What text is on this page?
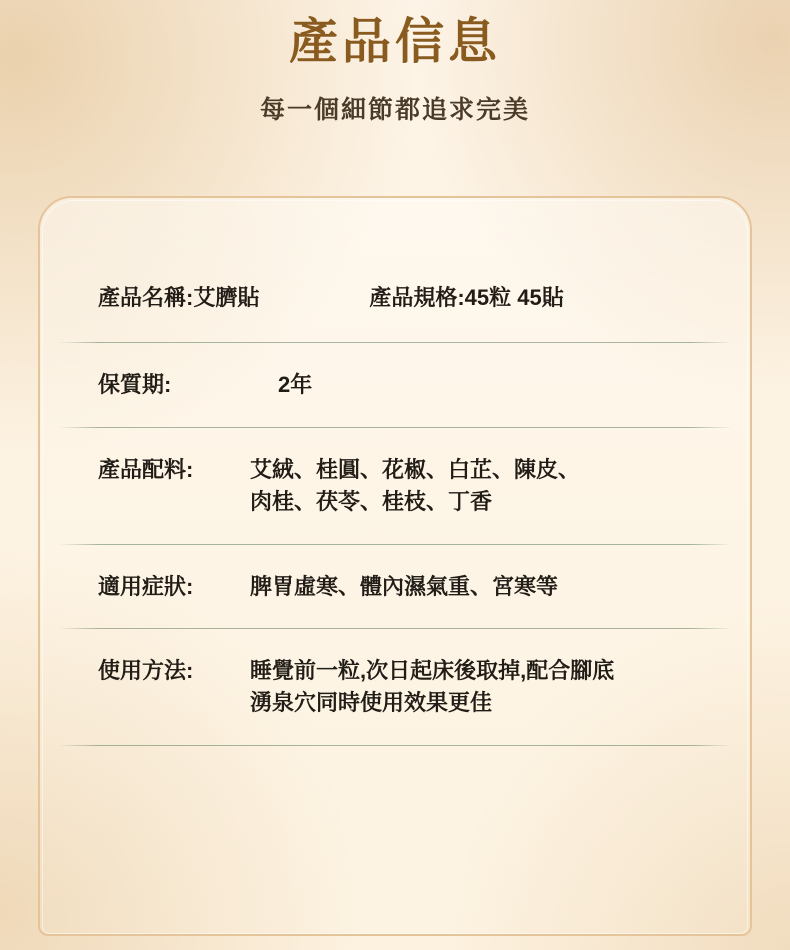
產品信息
每一個細節都追求完美
產品名稱:艾臍貼	產品規格:45粒 45貼
保質期:	2年
產品配料:	艾絨、桂圓、花椒、白芷、陳皮、
肉桂、茯苓、桂枝、丁香
適用症狀:	脾胃虛寒、體內濕氣重、宮寒等
使用方法:	睡覺前一粒,次日起床後取掉,配合腳底
湧泉穴同時使用效果更佳
